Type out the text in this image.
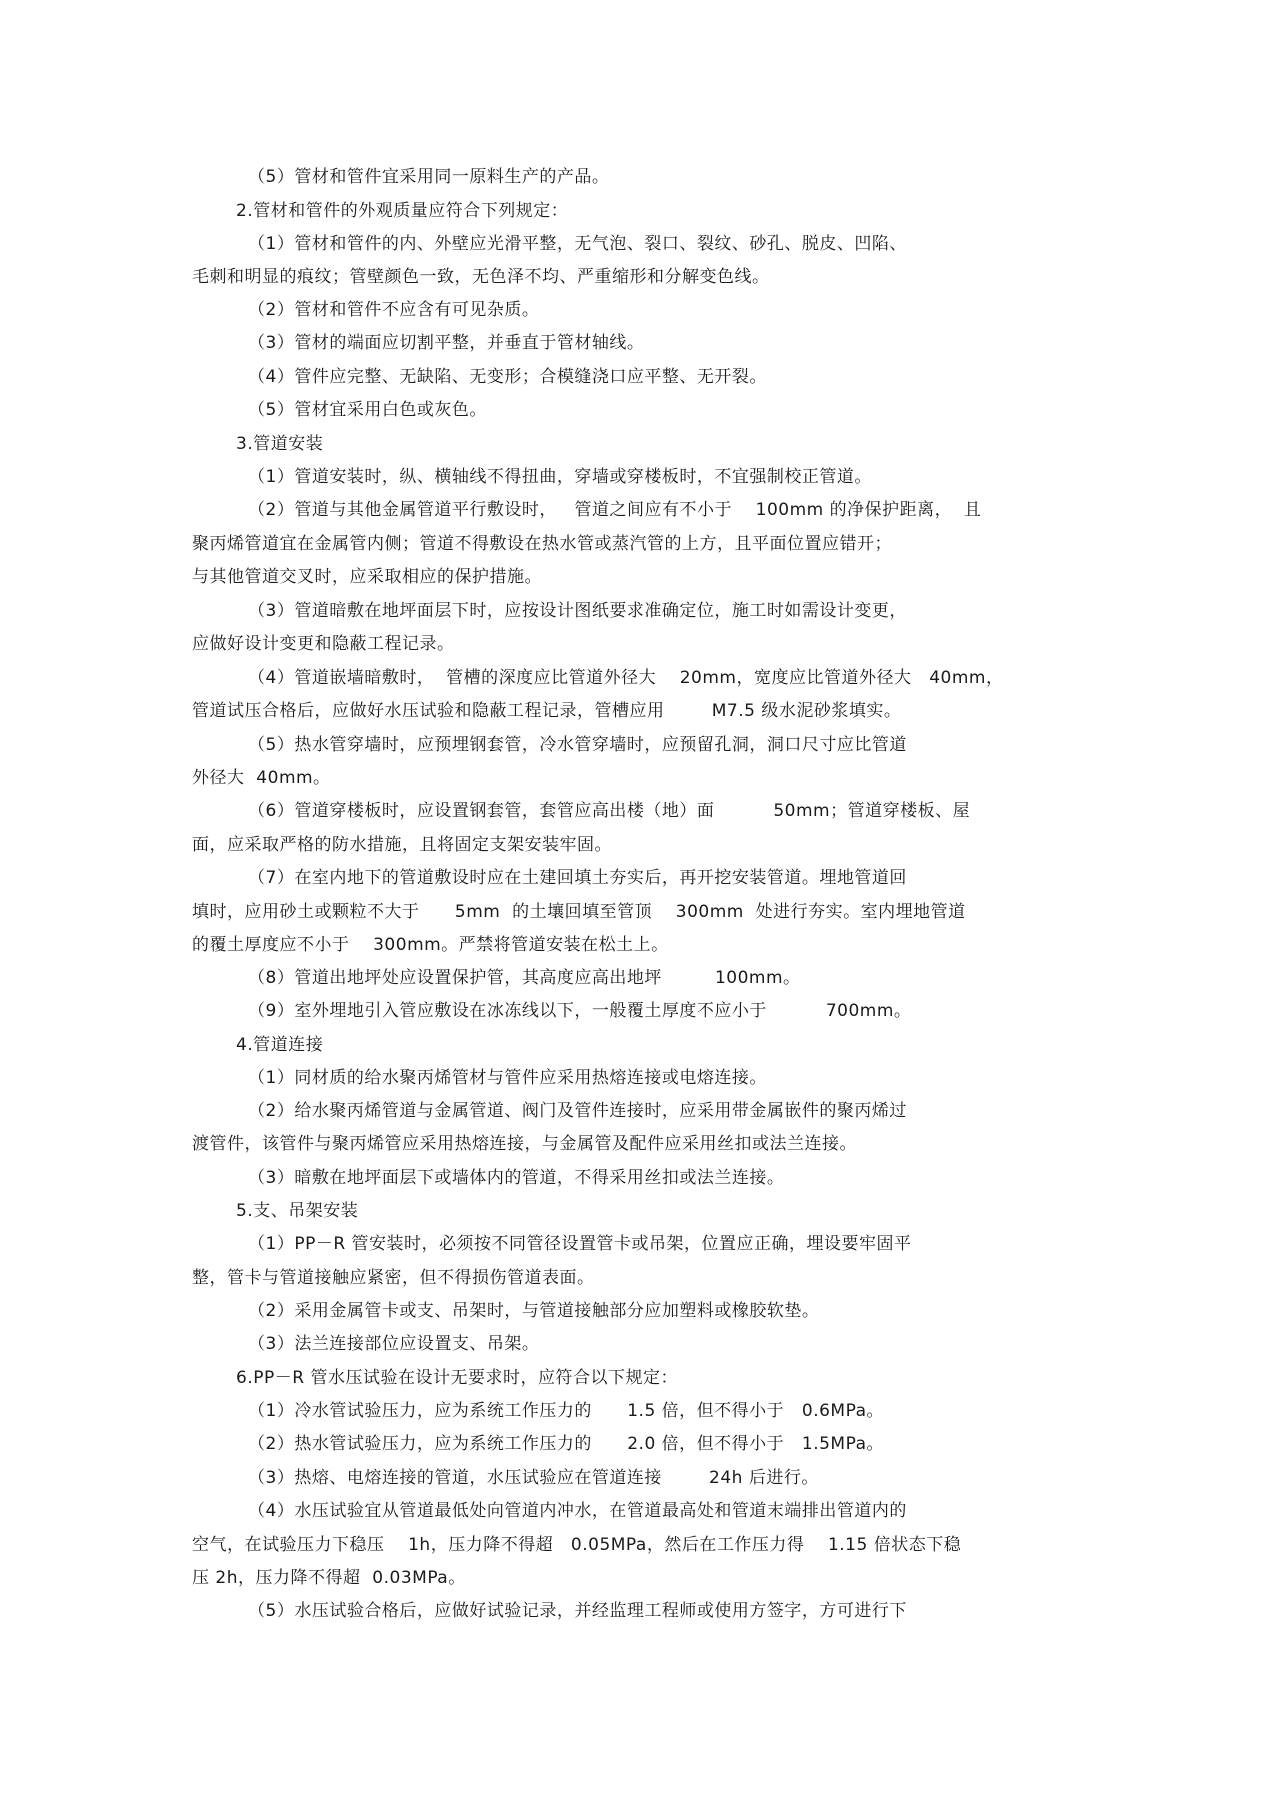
（5）管材和管件宜采用同一原料生产的产品。
2.管材和管件的外观质量应符合下列规定：
（1）管材和管件的内、外壁应光滑平整，无气泡、裂口、裂纹、砂孔、脱皮、凹陷、
毛刺和明显的痕纹；管壁颜色一致，无色泽不均、严重缩形和分解变色线。
（2）管材和管件不应含有可见杂质。
（3）管材的端面应切割平整，并垂直于管材轴线。
（4）管件应完整、无缺陷、无变形；合模缝浇口应平整、无开裂。
（5）管材宜采用白色或灰色。
3.管道安装
（1）管道安装时，纵、横轴线不得扭曲，穿墙或穿楼板时，不宜强制校正管道。
（2）管道与其他金属管道平行敷设时，   管道之间应有不小于    100mm 的净保护距离，  且
聚丙烯管道宜在金属管内侧；管道不得敷设在热水管或蒸汽管的上方，且平面位置应错开；
与其他管道交叉时，应采取相应的保护措施。
（3）管道暗敷在地坪面层下时，应按设计图纸要求准确定位，施工时如需设计变更，
应做好设计变更和隐蔽工程记录。
（4）管道嵌墙暗敷时，  管槽的深度应比管道外径大    20mm，宽度应比管道外径大   40mm，
管道试压合格后，应做好水压试验和隐蔽工程记录，管槽应用        M7.5 级水泥砂浆填实。
（5）热水管穿墙时，应预埋钢套管，冷水管穿墙时，应预留孔洞，洞口尺寸应比管道
外径大  40mm。
（6）管道穿楼板时，应设置钢套管，套管应高出楼（地）面          50mm；管道穿楼板、屋
面，应采取严格的防水措施，且将固定支架安装牢固。
（7）在室内地下的管道敷设时应在土建回填土夯实后，再开挖安装管道。埋地管道回
填时，应用砂土或颗粒不大于      5mm  的土壤回填至管顶    300mm  处进行夯实。室内埋地管道
的覆土厚度应不小于    300mm。严禁将管道安装在松土上。
（8）管道出地坪处应设置保护管，其高度应高出地坪         100mm。
（9）室外埋地引入管应敷设在冰冻线以下，一般覆土厚度不应小于          700mm。
4.管道连接
（1）同材质的给水聚丙烯管材与管件应采用热熔连接或电熔连接。
（2）给水聚丙烯管道与金属管道、阀门及管件连接时，应采用带金属嵌件的聚丙烯过
渡管件，该管件与聚丙烯管应采用热熔连接，与金属管及配件应采用丝扣或法兰连接。
（3）暗敷在地坪面层下或墙体内的管道，不得采用丝扣或法兰连接。
5.支、吊架安装
（1）PP－R 管安装时，必须按不同管径设置管卡或吊架，位置应正确，埋设要牢固平
整，管卡与管道接触应紧密，但不得损伤管道表面。
（2）采用金属管卡或支、吊架时，与管道接触部分应加塑料或橡胶软垫。
（3）法兰连接部位应设置支、吊架。
6.PP－R 管水压试验在设计无要求时，应符合以下规定：
（1）冷水管试验压力，应为系统工作压力的      1.5 倍，但不得小于   0.6MPa。
（2）热水管试验压力，应为系统工作压力的      2.0 倍，但不得小于   1.5MPa。
（3）热熔、电熔连接的管道，水压试验应在管道连接        24h 后进行。
（4）水压试验宜从管道最低处向管道内冲水，在管道最高处和管道末端排出管道内的
空气，在试验压力下稳压    1h，压力降不得超   0.05MPa，然后在工作压力得    1.15 倍状态下稳
压 2h，压力降不得超  0.03MPa。
（5）水压试验合格后，应做好试验记录，并经监理工程师或使用方签字，方可进行下
